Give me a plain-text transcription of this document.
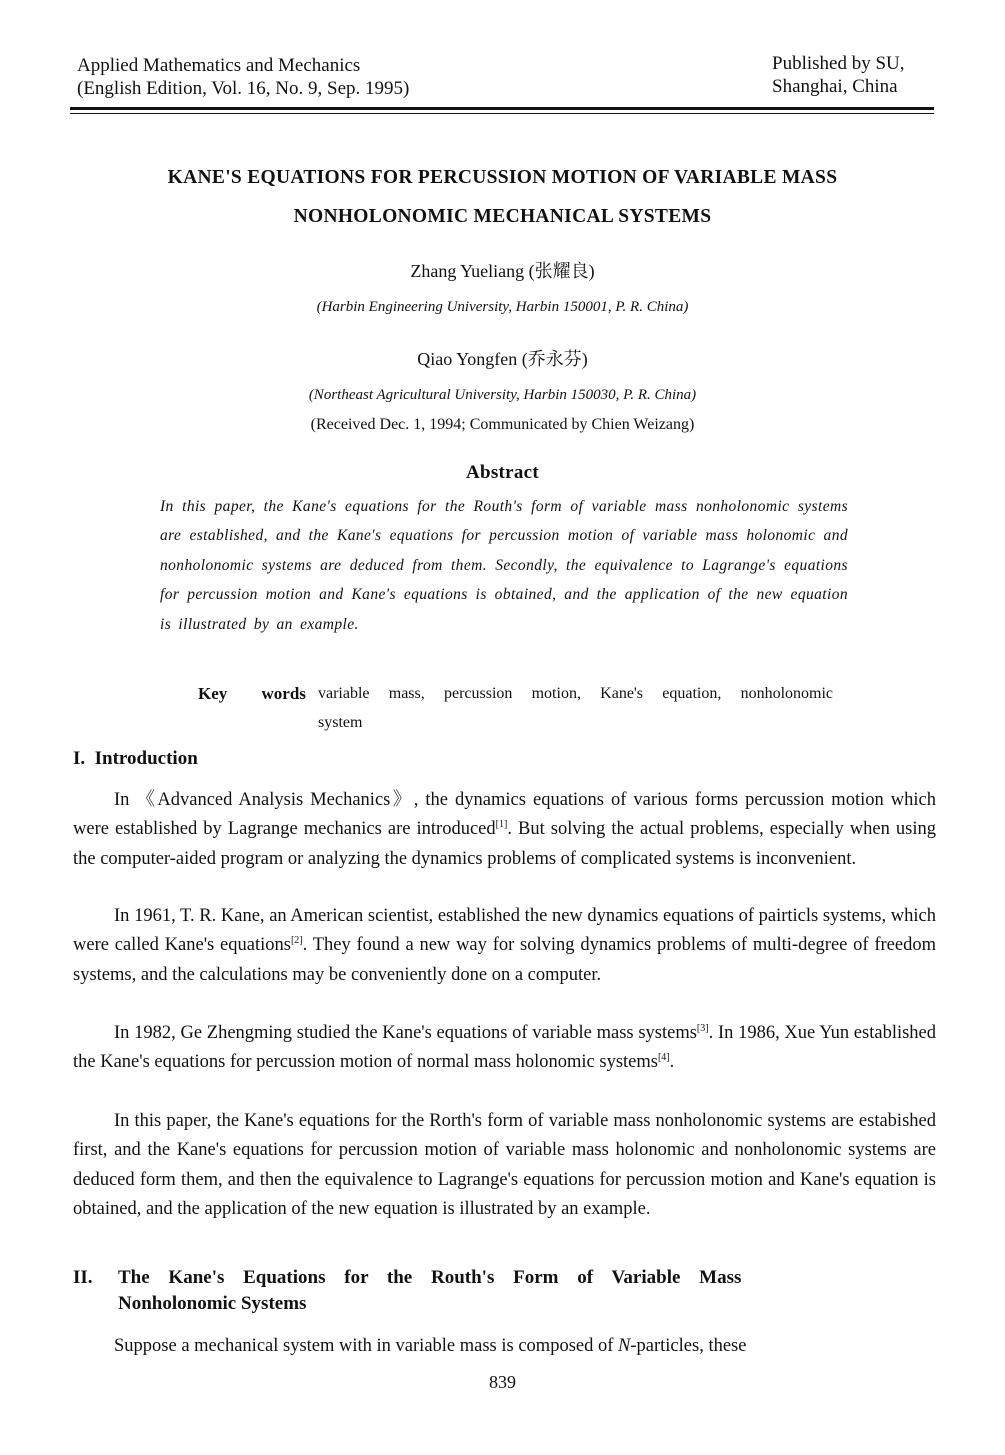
Applied Mathematics and Mechanics
(English Edition, Vol. 16, No. 9, Sep. 1995)
Published by SU,
Shanghai, China
KANE'S EQUATIONS FOR PERCUSSION MOTION OF VARIABLE MASS
NONHOLONOMIC MECHANICAL SYSTEMS
Zhang Yueliang (张耀良)
(Harbin Engineering University, Harbin 150001, P. R. China)
Qiao Yongfen (乔永芬)
(Northeast Agricultural University, Harbin 150030, P. R. China)
(Received Dec. 1, 1994; Communicated by Chien Weizang)
Abstract
In this paper, the Kane's equations for the Routh's form of variable mass nonholonomic systems are established, and the Kane's equations for percussion motion of variable mass holonomic and nonholonomic systems are deduced from them. Secondly, the equivalence to Lagrange's equations for percussion motion and Kane's equations is obtained, and the application of the new equation is illustrated by an example.
Key words variable mass, percussion motion, Kane's equation, nonholonomic system
I.  Introduction

In 《Advanced Analysis Mechanics》, the dynamics equations of various forms percussion motion which were established by Lagrange mechanics are introduced[1]. But solving the actual problems, especially when using the computer-aided program or analyzing the dynamics problems of complicated systems is inconvenient.

In 1961, T. R. Kane, an American scientist, established the new dynamics equations of pairticls systems, which were called Kane's equations[2]. They found a new way for solving dynamics problems of multi-degree of freedom systems, and the calculations may be conveniently done on a computer.

In 1982, Ge Zhengming studied the Kane's equations of variable mass systems[3]. In 1986, Xue Yun established the Kane's equations for percussion motion of normal mass holonomic systems[4].

In this paper, the Kane's equations for the Rorth's form of variable mass nonholonomic systems are estabished first, and the Kane's equations for percussion motion of variable mass holonomic and nonholonomic systems are deduced form them, and then the equivalence to Lagrange's equations for percussion motion and Kane's equation is obtained, and the application of the new equation is illustrated by an example.

II. The Kane's Equations for the Routh's Form of Variable Mass
Nonholonomic Systems

Suppose a mechanical system with in variable mass is composed of N-particles, these

839
